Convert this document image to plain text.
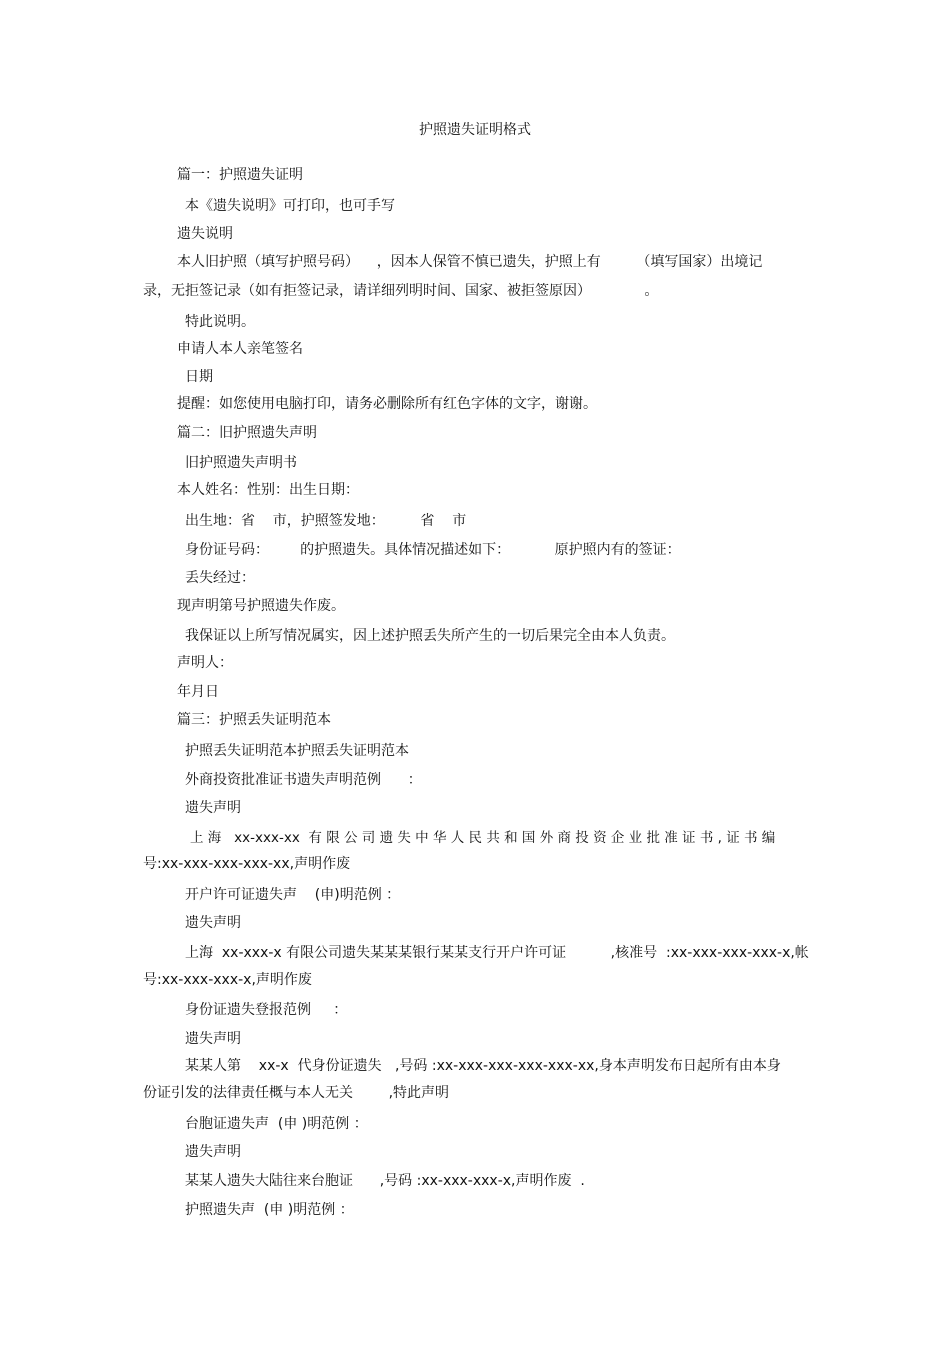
护照遗失证明格式
篇一：护照遗失证明
本《遗失说明》可打印，也可手写
遗失说明
本人旧护照（填写护照号码）    ，因本人保管不慎已遗失，护照上有        （填写国家）出境记
录，无拒签记录（如有拒签记录，请详细列明时间、国家、被拒签原因）            。
特此说明。
申请人本人亲笔签名
日期
提醒：如您使用电脑打印，请务必删除所有红色字体的文字，谢谢。
篇二：旧护照遗失声明
旧护照遗失声明书
本人姓名：性别：出生日期：
出生地：省    市，护照签发地：        省    市
身份证号码：       的护照遗失。具体情况描述如下：          原护照内有的签证：
丢失经过：
现声明第号护照遗失作废。
我保证以上所写情况属实，因上述护照丢失所产生的一切后果完全由本人负责。
声明人：
年月日
篇三：护照丢失证明范本
护照丢失证明范本护照丢失证明范本
外商投资批准证书遗失声明范例      ：
遗失声明
上 海   xx-xxx-xx  有 限 公 司 遗 失 中 华 人 民 共 和 国 外 商 投 资 企 业 批 准 证 书 , 证 书 编
号:xx-xxx-xxx-xxx-xx,声明作废
开户许可证遗失声    (申)明范例 ：
遗失声明
上海  xx-xxx-x 有限公司遗失某某某银行某某支行开户许可证          ,核准号  :xx-xxx-xxx-xxx-x,帐
号:xx-xxx-xxx-x,声明作废
身份证遗失登报范例     ：
遗失声明
某某人第    xx-x  代身份证遗失   ,号码 :xx-xxx-xxx-xxx-xxx-xx,身本声明发布日起所有由本身
份证引发的法律责任概与本人无关        ,特此声明
台胞证遗失声  (申 )明范例 ：
遗失声明
某某人遗失大陆往来台胞证      ,号码 :xx-xxx-xxx-x,声明作废  .
护照遗失声  (申 )明范例 ：
